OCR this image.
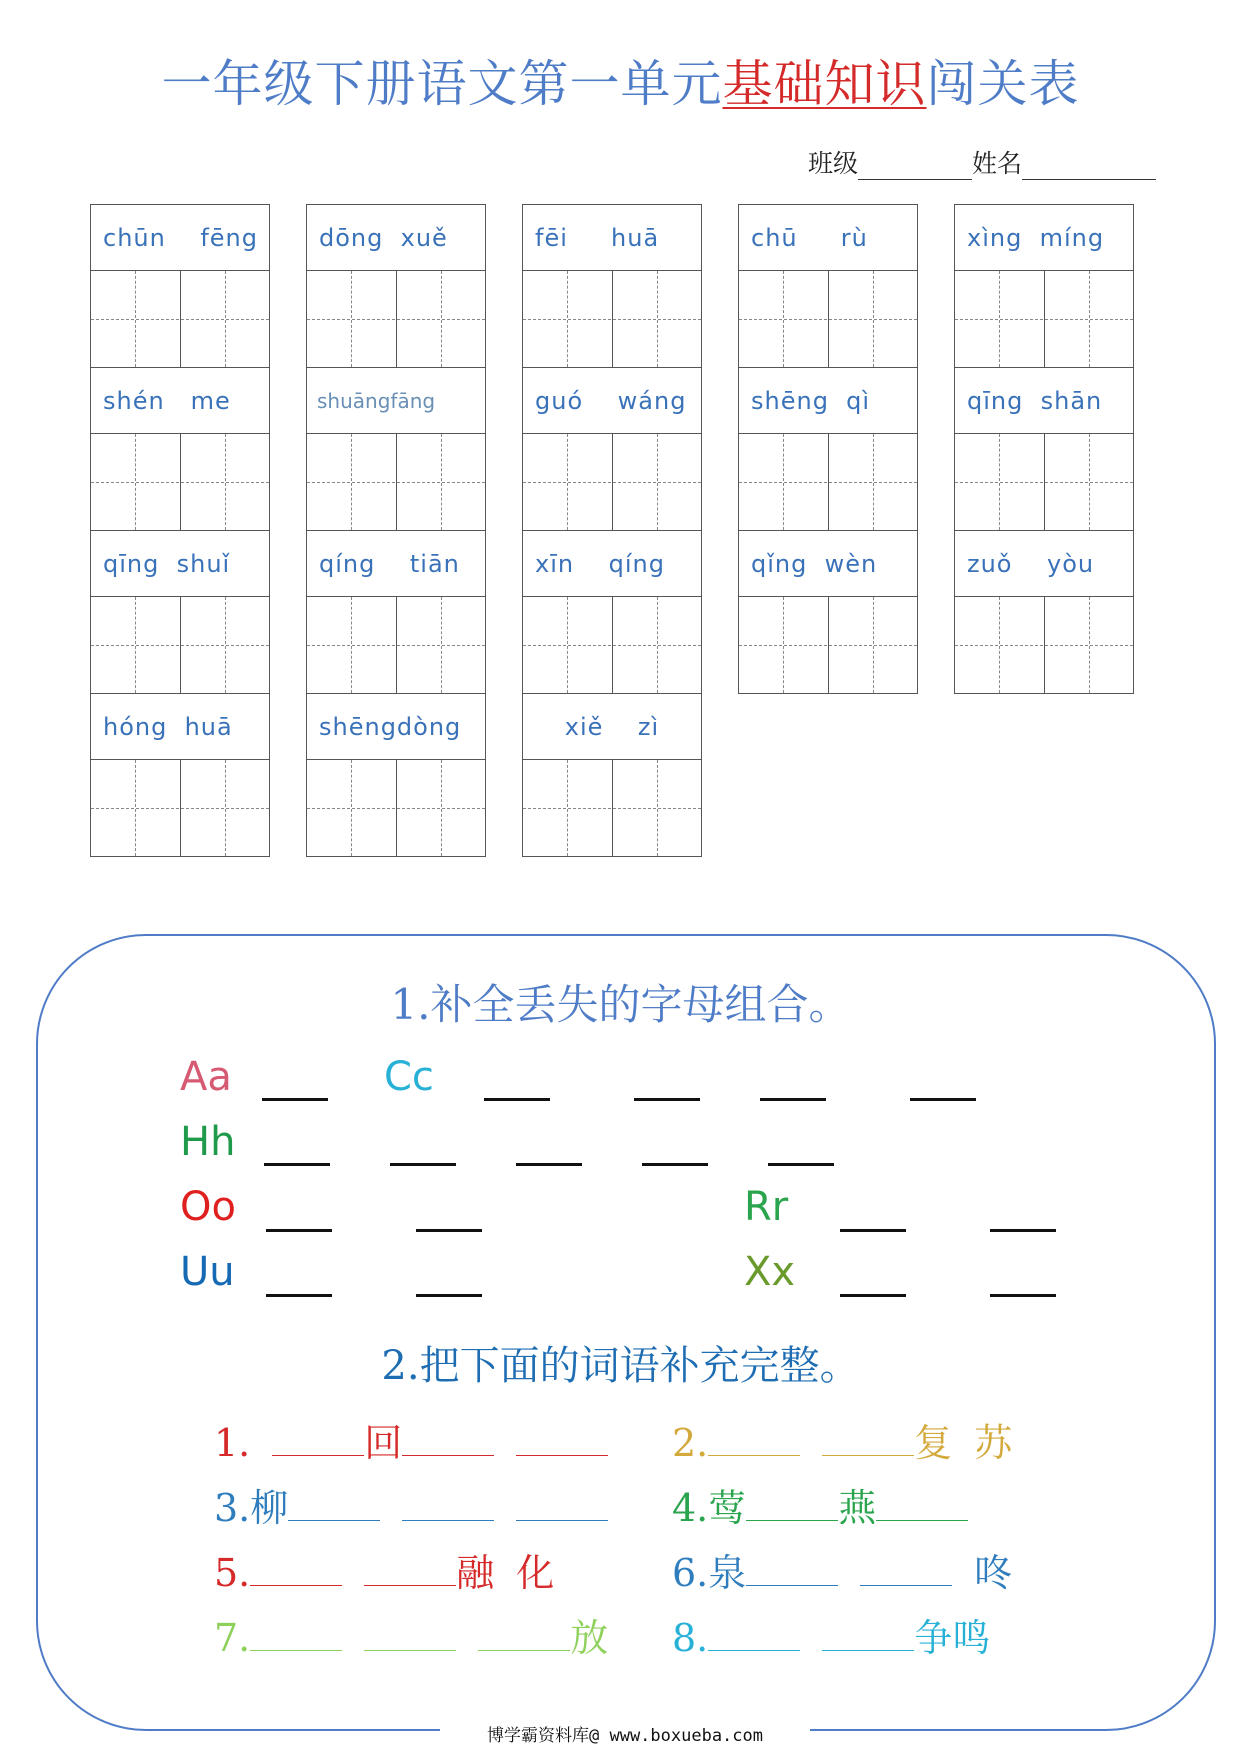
一年级下册语文第一单元基础知识闯关表
班级	姓名
chūn    fēng	dōng  xuě	fēi     huā	chū     rù	xìng  míng
shén   me	shuāngfāng	guó    wáng	shēng  qì	qīng  shān
qīng  shuǐ	qíng    tiān	xīn    qíng	qǐng  wèn	zuǒ    yòu
hóng  huā	shēngdòng	xiě    zì
博学霸资料库@ www.boxueba.com
1.补全丢失的字母组合。
Aa	Cc
Hh
Oo	Rr
Uu	Xx
2.把下面的词语补充完整。
1.	回	2.	复 苏
3.柳	4.莺 燕
5.	融 化	6.泉	咚
7.	放 8.	争鸣
